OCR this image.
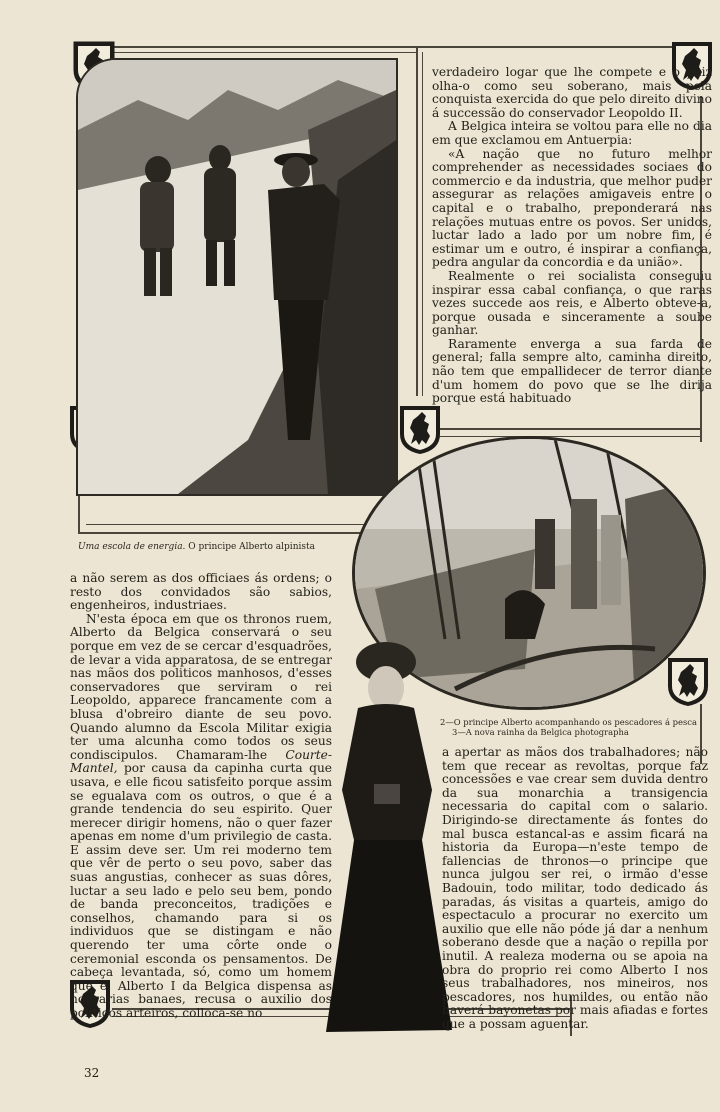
Uma escola de energia. O principe Alberto alpinista
2—O principe Alberto acompanhando os pescadores á pesca
3—A nova rainha da Belgica photographa

verdadeiro logar que lhe compete e o paiz olha-o como seu soberano, mais pela conquista exercida do que pelo direito divino á successão do conservador Leopoldo II.

A Belgica inteira se voltou para elle no dia em que exclamou em Antuerpia:

«A nação que no futuro melhor comprehender as necessidades sociaes do commercio e da industria, que melhor puder assegurar as relações amigaveis entre o capital e o trabalho, preponderará nas relações mutuas entre os povos. Ser unidos, luctar lado a lado por um nobre fim, é estimar um e outro, é inspirar a confiança, pedra angular da concordia e da união».

Realmente o rei socialista conseguiu inspirar essa cabal confiança, o que raras vezes succede aos reis, e Alberto obteve-a, porque ousada e sinceramente a soube ganhar.

Raramente enverga a sua farda de general; falla sempre alto, caminha direito, não tem que empallidecer de terror diante d'um homem do povo que se lhe dirija porque está habituado

a não serem as dos officiaes ás ordens; o resto dos convidados são sabios, engenheiros, industriaes.

N'esta época em que os thronos ruem, Alberto da Belgica conservará o seu porque em vez de se cercar d'esquadrões, de levar a vida apparatosa, de se entregar nas mãos dos politicos manhosos, d'esses conservadores que serviram o rei Leopoldo, apparece francamente com a blusa d'obreiro diante de seu povo. Quando alumno da Escola Militar exigia ter uma alcunha como todos os seus condiscipulos. Chamaram-lhe Courte-Mantel, por causa da capinha curta que usava, e elle ficou satisfeito porque assim se egualava com os outros, o que é a grande tendencia do seu espirito. Quer merecer dirigir homens, não o quer fazer apenas em nome d'um privilegio de casta. E assim deve ser. Um rei moderno tem que vêr de perto o seu povo, saber das suas angustias, conhecer as suas dôres, luctar a seu lado e pelo seu bem, pondo de banda preconceitos, tradições e conselhos, chamando para si os individuos que se distingam e não querendo ter uma côrte onde o ceremonial esconda os pensamentos. De cabeça levantada, só, como um homem que é, Alberto I da Belgica dispensa as honrarias banaes, recusa o auxilio dos politicos arteiros, colloca-se no

a apertar as mãos dos trabalhadores; não tem que recear as revoltas, porque faz concessões e vae crear sem duvida dentro da sua monarchia a transigencia necessaria do capital com o salario. Dirigindo-se directamente ás fontes do mal busca estancal-as e assim ficará na historia da Europa—n'este tempo de fallencias de thronos—o principe que nunca julgou ser rei, o irmão d'esse Badouin, todo militar, todo dedicado ás paradas, ás visitas a quarteis, amigo do espectaculo a procurar no exercito um auxilio que elle não póde já dar a nenhum soberano desde que a nação o repilla por inutil. A realeza moderna ou se apoia na obra do proprio rei como Alberto I nos seus trabalhadores, nos mineiros, nos pescadores, nos humildes, ou então não haverá bayonetas por mais afiadas e fortes que a possam aguentar.

32
